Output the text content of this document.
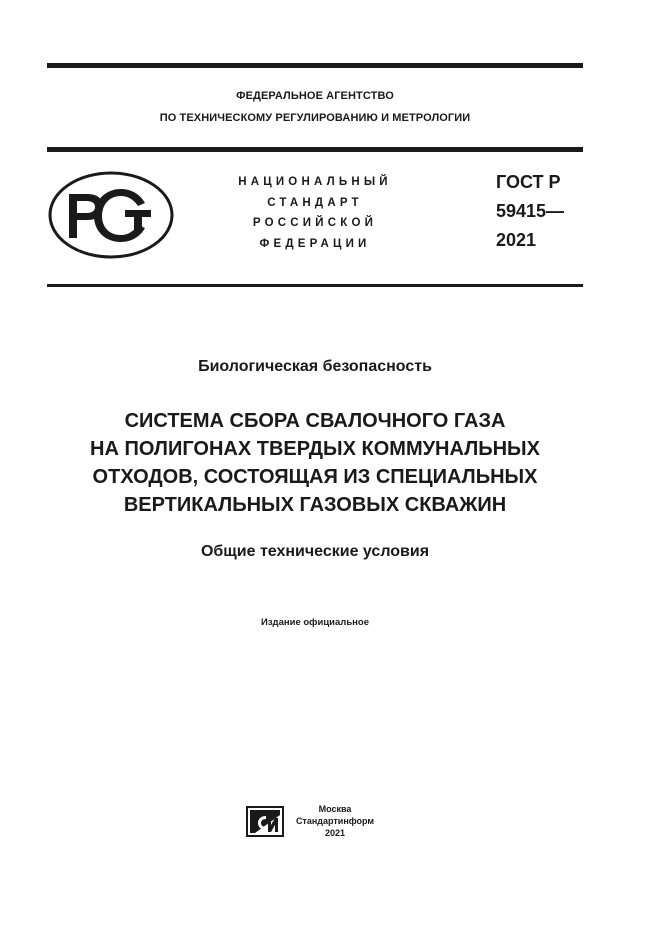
ФЕДЕРАЛЬНОЕ АГЕНТСТВО
ПО ТЕХНИЧЕСКОМУ РЕГУЛИРОВАНИЮ И МЕТРОЛОГИИ
НАЦИОНАЛЬНЫЙ
СТАНДАРТ
РОССИЙСКОЙ
ФЕДЕРАЦИИ
ГОСТ Р
59415—
2021
Биологическая безопасность
СИСТЕМА СБОРА СВАЛОЧНОГО ГАЗА
НА ПОЛИГОНАХ ТВЕРДЫХ КОММУНАЛЬНЫХ
ОТХОДОВ, СОСТОЯЩАЯ ИЗ СПЕЦИАЛЬНЫХ
ВЕРТИКАЛЬНЫХ ГАЗОВЫХ СКВАЖИН
Общие технические условия
Издание официальное
Москва
Стандартинформ
2021
